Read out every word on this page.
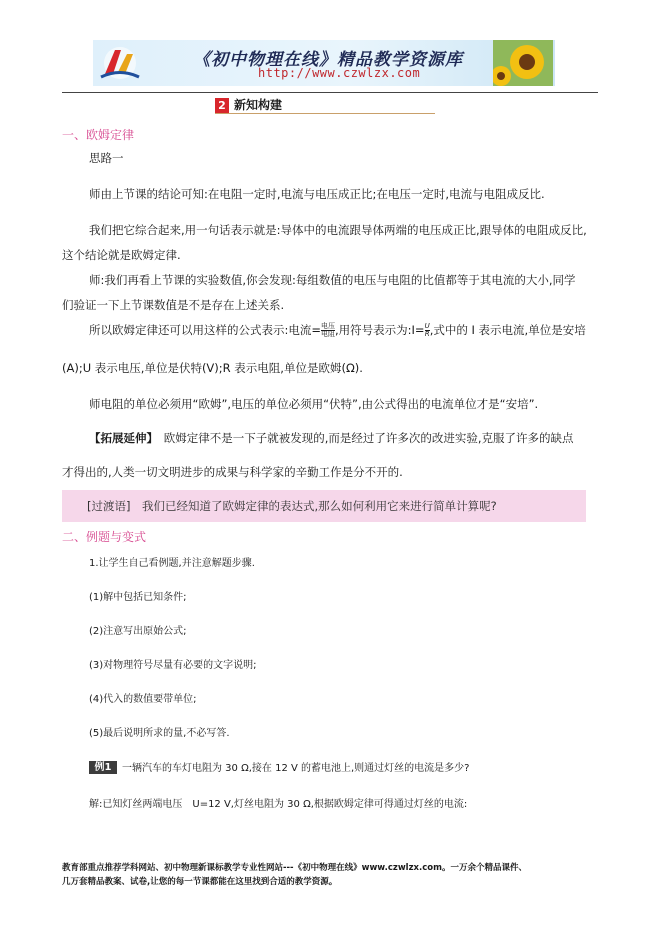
《初中物理在线》精品教学资源库
http://www.czwlzx.com
2 新知构建
一、欧姆定律
思路一
师由上节课的结论可知:在电阻一定时,电流与电压成正比;在电压一定时,电流与电阻成反比.
我们把它综合起来,用一句话表示就是:导体中的电流跟导体两端的电压成正比,跟导体的电阻成反比,
这个结论就是欧姆定律.
师:我们再看上节课的实验数值,你会发现:每组数值的电压与电阻的比值都等于其电流的大小,同学
们验证一下上节课数值是不是存在上述关系.
所以欧姆定律还可以用这样的公式表示:电流= 电压
电阻 ,用符号表示为:I= $\frac{U}{R}$ ,式中的 I 表示电流,单位是安培
(A);U 表示电压,单位是伏特(V);R 表示电阻,单位是欧姆(Ω).
师电阻的单位必须用“欧姆”,电压的单位必须用“伏特”,由公式得出的电流单位才是“安培”.
【拓展延伸】　 欧姆定律不是一下子就被发现的,而是经过了许多次的改进实验,克服了许多的缺点
才得出的,人类一切文明进步的成果与科学家的辛勤工作是分不开的.
[过渡语]　我们已经知道了欧姆定律的表达式,那么如何利用它来进行简单计算呢?
二、例题与变式
1.让学生自己看例题,并注意解题步骤.
(1)解中包括已知条件;
(2)注意写出原始公式;
(3)对物理符号尽量有必要的文字说明;
(4)代入的数值要带单位;
(5)最后说明所求的量,不必写答.
例1	一辆汽车的车灯电阻为 30 Ω,接在 12 V 的蓄电池上,则通过灯丝的电流是多少?
解:已知灯丝两端电压　U=12 V,灯丝电阻为 30 Ω,根据欧姆定律可得通过灯丝的电流:
教育部重点推荐学科网站、初中物理新课标教学专业性网站---《初中物理在线》www.czwlzx.com。一万余个精品课件、
几万套精品教案、试卷,让您的每一节课都能在这里找到合适的教学资源。
